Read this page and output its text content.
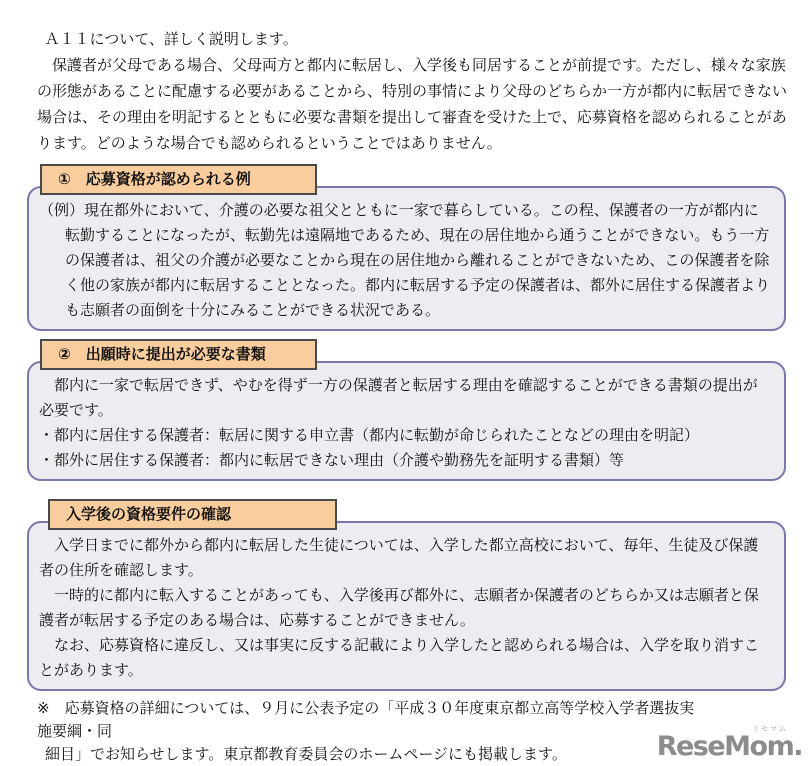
Ａ１１について、詳しく説明します。

保護者が父母である場合、父母両方と都内に転居し、入学後も同居することが前提です。ただし、様々な家族の形態があることに配慮する必要があることから、特別の事情により父母のどちらか一方が都内に転居できない場合は、その理由を明記するとともに必要な書類を提出して審査を受けた上で、応募資格を認められることがあります。どのような場合でも認められるということではありません。

①　応募資格が認められる例

（例）現在都外において、介護の必要な祖父とともに一家で暮らしている。この程、保護者の一方が都内に転勤することになったが、転勤先は遠隔地であるため、現在の居住地から通うことができない。もう一方の保護者は、祖父の介護が必要なことから現在の居住地から離れることができないため、この保護者を除く他の家族が都内に転居することとなった。都内に転居する予定の保護者は、都外に居住する保護者よりも志願者の面倒を十分にみることができる状況である。

②　出願時に提出が必要な書類

都内に一家で転居できず、やむを得ず一方の保護者と転居する理由を確認することができる書類の提出が必要です。

・都内に居住する保護者：転居に関する申立書（都内に転勤が命じられたことなどの理由を明記）

・都外に居住する保護者：都内に転居できない理由（介護や勤務先を証明する書類）等

入学後の資格要件の確認

入学日までに都外から都内に転居した生徒については、入学した都立高校において、毎年、生徒及び保護者の住所を確認します。

一時的に都内に転入することがあっても、入学後再び都外に、志願者か保護者のどちらか又は志願者と保護者が転居する予定のある場合は、応募することができません。

なお、応募資格に違反し、又は事実に反する記載により入学したと認められる場合は、入学を取り消すことがあります。

※　応募資格の詳細については、９月に公表予定の「平成３０年度東京都立高等学校入学者選抜実施要綱・同

細目」でお知らせします。東京都教育委員会のホームページにも掲載します。

リセマム
ReseMom.
